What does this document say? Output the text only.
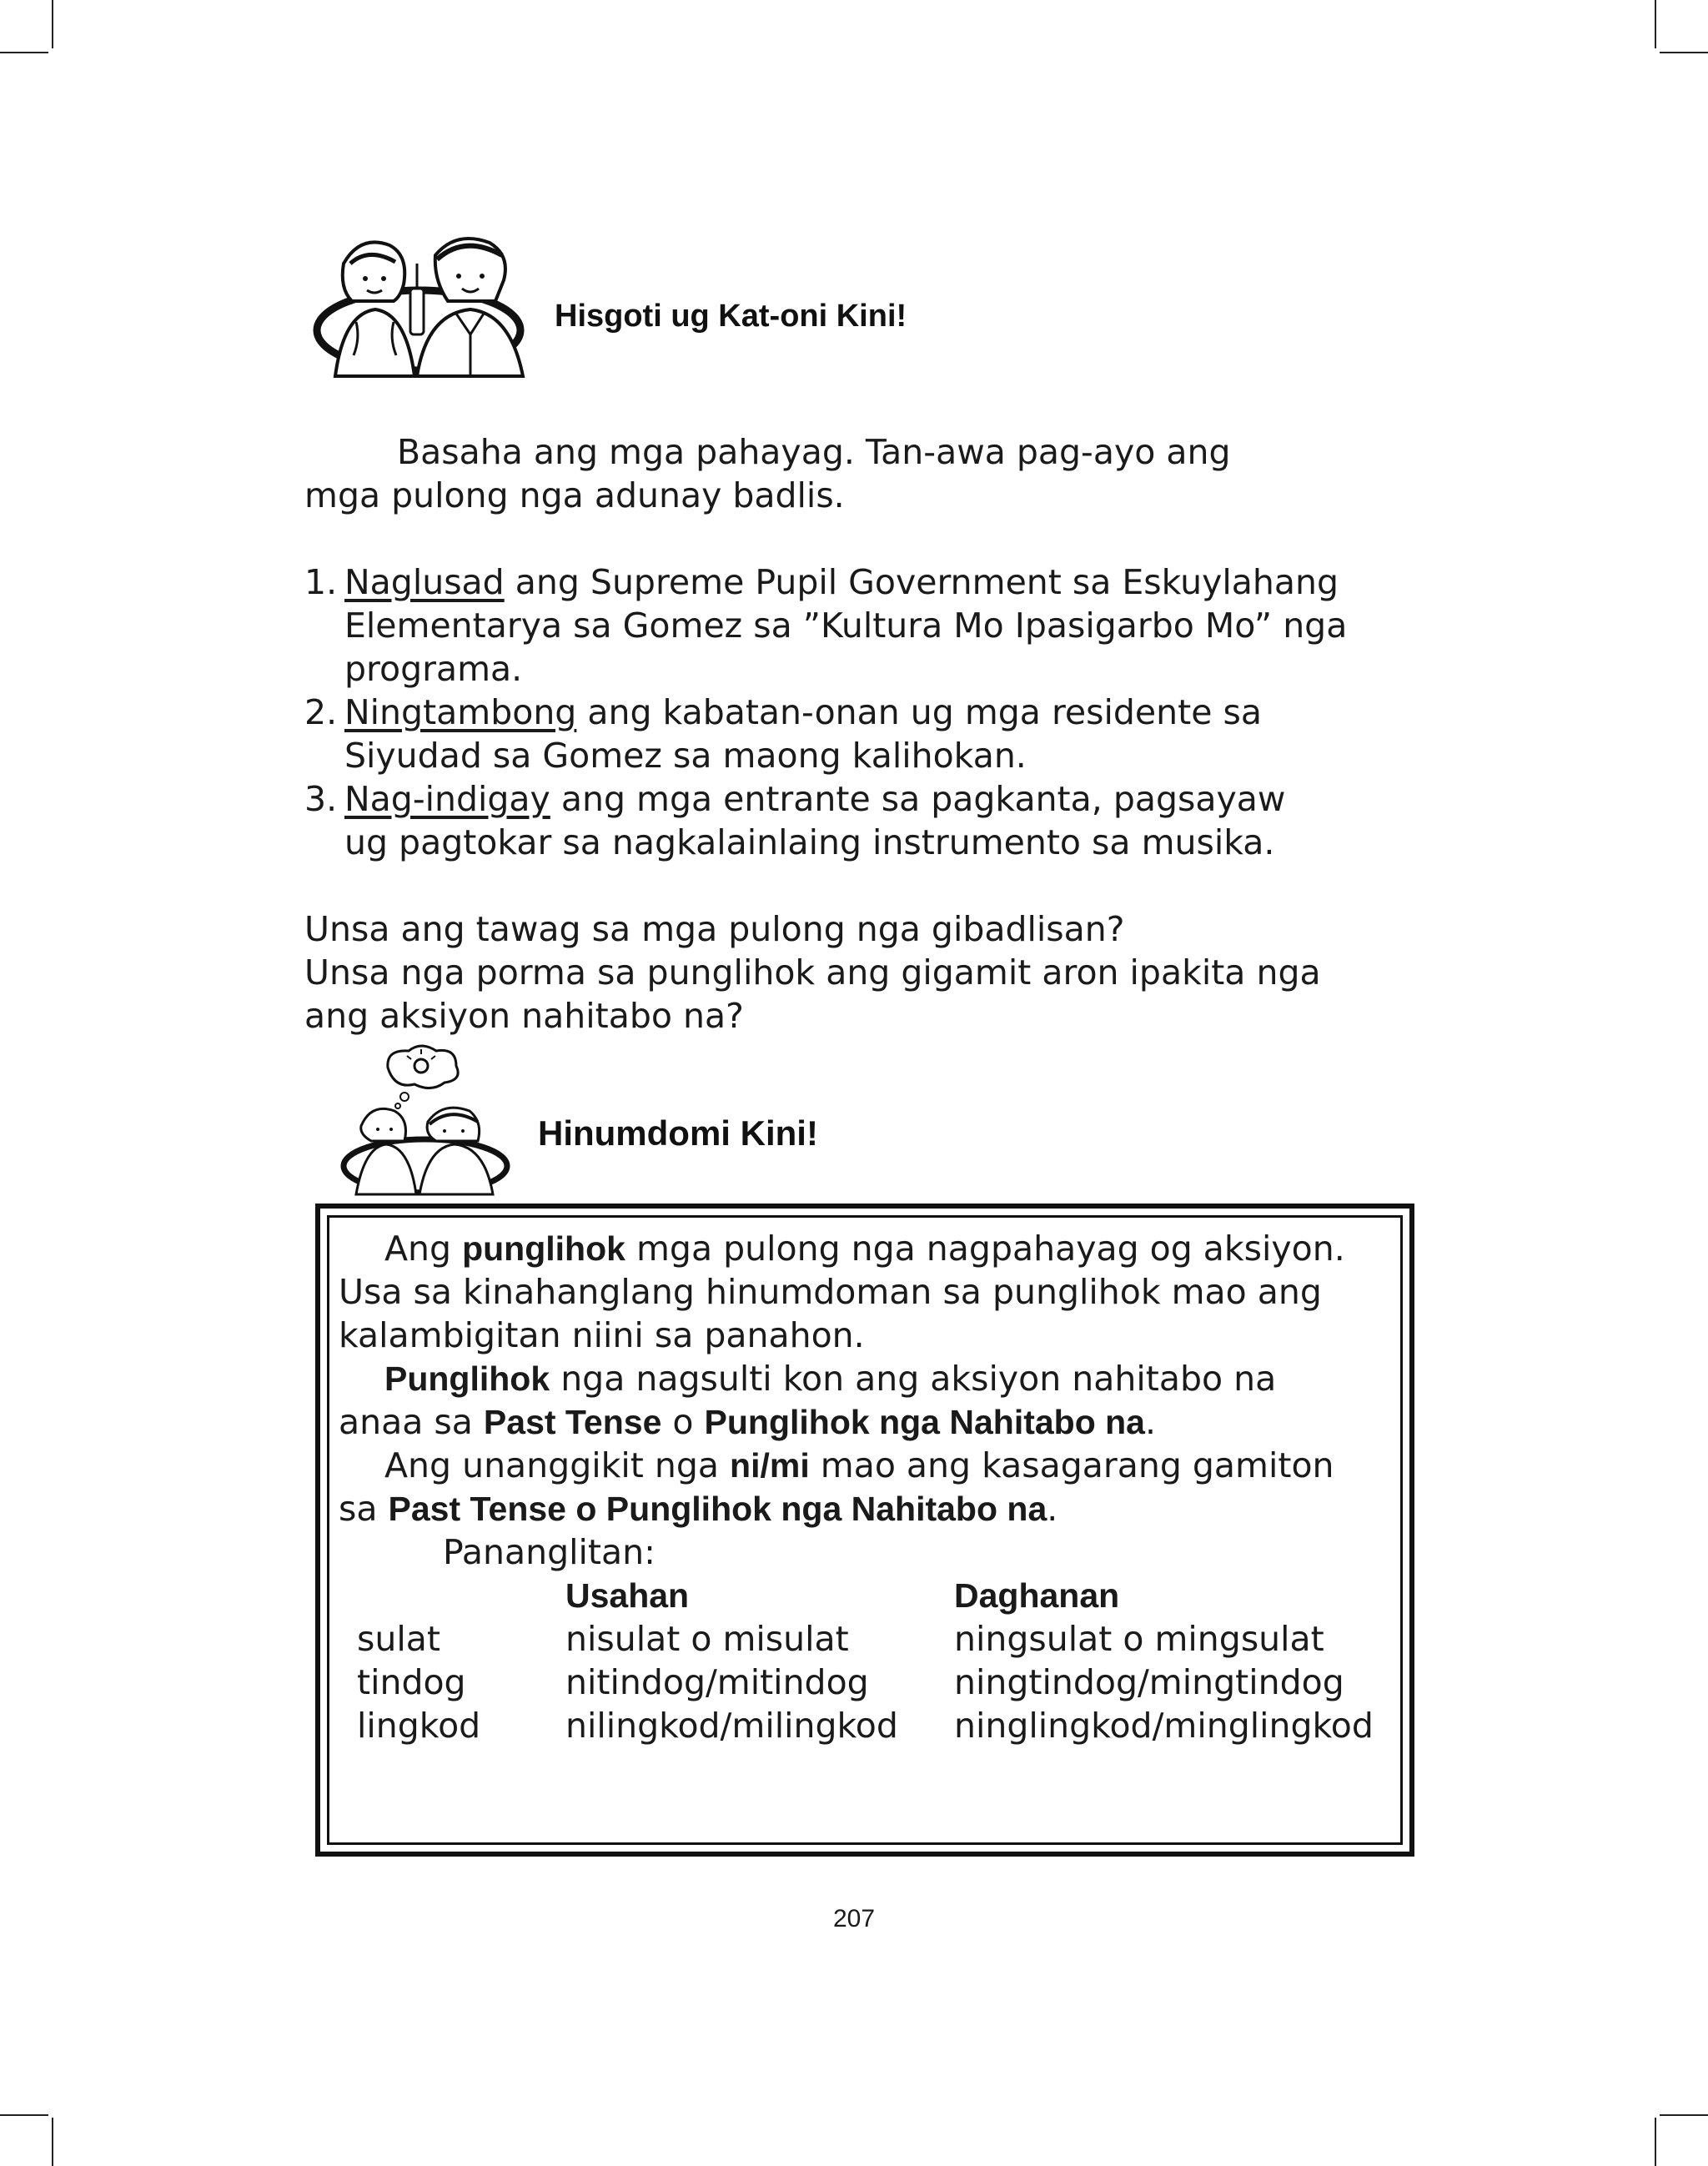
Hisgoti ug Kat-oni Kini!

Basaha ang mga pahayag. Tan-awa pag-ayo ang

mga pulong nga adunay badlis.

1. Naglusad ang Supreme Pupil Government sa Eskuylahang
Elementarya sa Gomez sa ”Kultura Mo Ipasigarbo Mo” nga
programa.
2. Ningtambong ang kabatan-onan ug mga residente sa
Siyudad sa Gomez sa maong kalihokan.
3. Nag-indigay ang mga entrante sa pagkanta, pagsayaw
ug pagtokar sa nagkalainlaing instrumento sa musika.

Unsa ang tawag sa mga pulong nga gibadlisan?

Unsa nga porma sa punglihok ang gigamit aron ipakita nga

ang aksiyon nahitabo na?

Hinumdomi Kini!

Ang punglihok mga pulong nga nagpahayag og aksiyon.

Usa sa kinahanglang hinumdoman sa punglihok mao ang

kalambigitan niini sa panahon.

Punglihok nga nagsulti kon ang aksiyon nahitabo na

anaa sa Past Tense o Punglihok nga Nahitabo na.

Ang unanggikit nga ni/mi mao ang kasagarang gamiton

sa Past Tense o Punglihok nga Nahitabo na.

Pananglitan:

	Usahan	Daghanan
sulat	nisulat o misulat	ningsulat o mingsulat
tindog	nitindog/mitindog	ningtindog/mingtindog
lingkod	nilingkod/milingkod	ninglingkod/minglingkod
207
